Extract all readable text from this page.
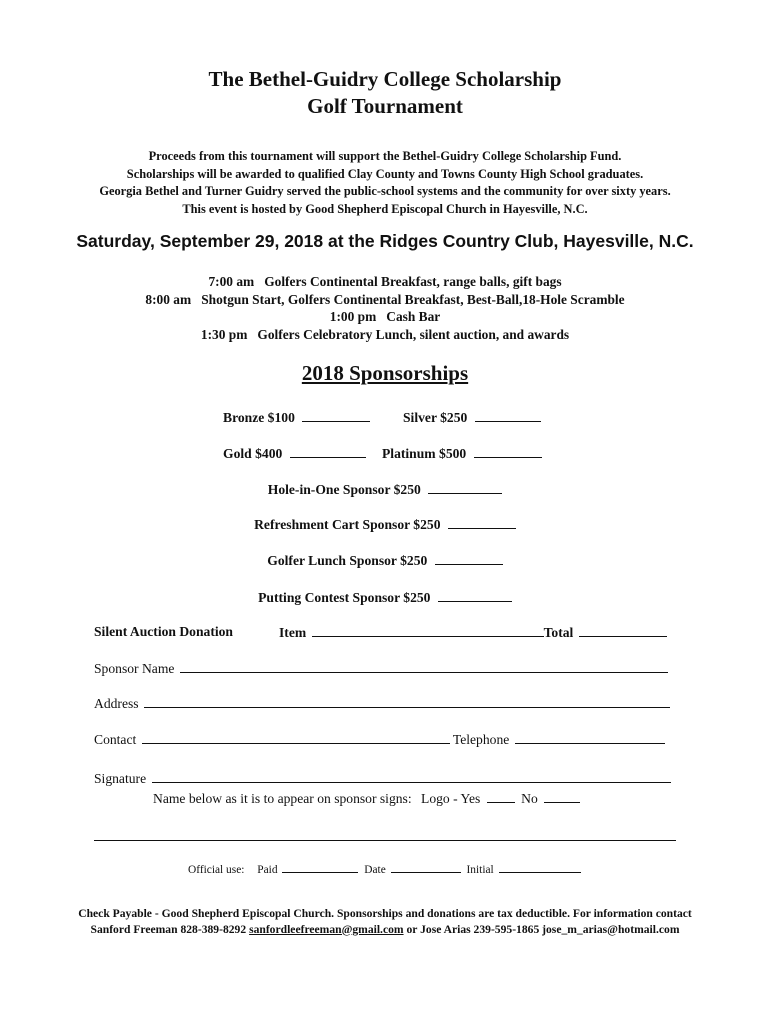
The Bethel-Guidry College Scholarship
Golf Tournament
Proceeds from this tournament will support the Bethel-Guidry College Scholarship Fund.
Scholarships will be awarded to qualified Clay County and Towns County High School graduates.
Georgia Bethel and Turner Guidry served the public-school systems and the community for over sixty years.
This event is hosted by Good Shepherd Episcopal Church in Hayesville, N.C.
Saturday, September 29, 2018 at the Ridges Country Club, Hayesville, N.C.
7:00 am   Golfers Continental Breakfast, range balls, gift bags
8:00 am   Shotgun Start, Golfers Continental Breakfast, Best-Ball,18-Hole Scramble
1:00 pm   Cash Bar
1:30 pm   Golfers Celebratory Lunch, silent auction, and awards
2018 Sponsorships
Bronze $100	Silver $250
Gold $400	Platinum $500
Hole-in-One Sponsor $250
Refreshment Cart Sponsor $250
Golfer Lunch Sponsor $250
Putting Contest Sponsor $250
Silent Auction Donation	Item	Total
Sponsor Name
Address
Contact	Telephone
Signature
Name below as it is to appear on sponsor signs: Logo - Yes	No
Official use: Paid	Date	Initial
Check Payable - Good Shepherd Episcopal Church. Sponsorships and donations are tax deductible. For information contact
Sanford Freeman 828-389-8292 sanfordleefreeman@gmail.com or Jose Arias 239-595-1865 jose_m_arias@hotmail.com
